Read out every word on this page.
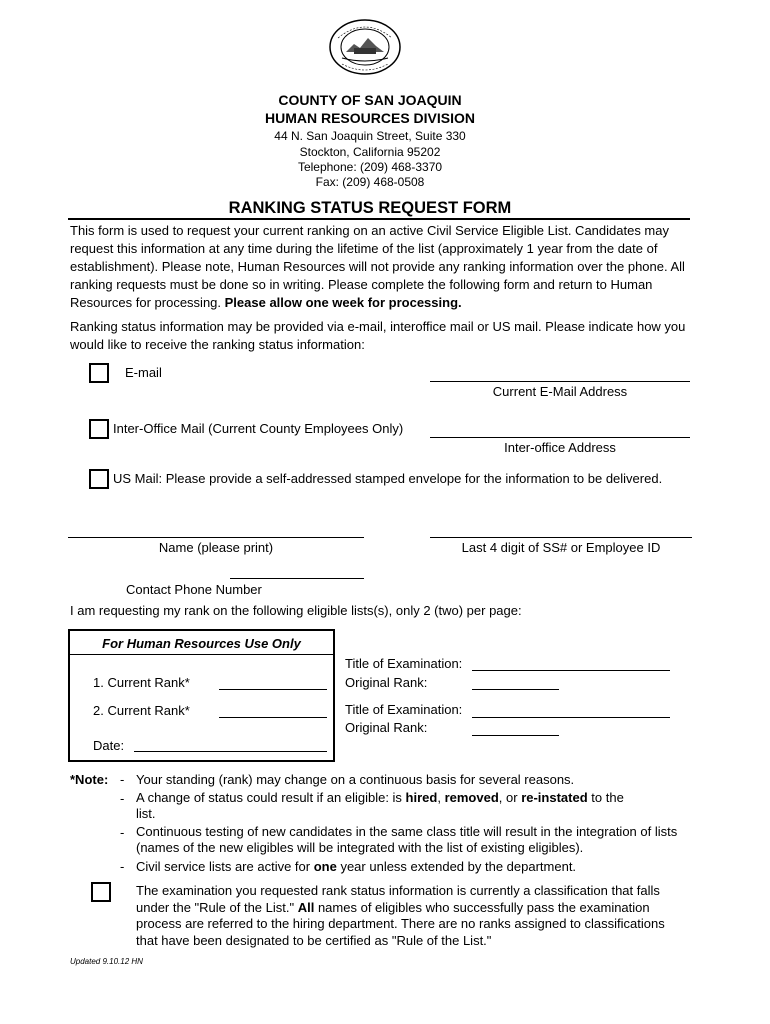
COUNTY OF SAN JOAQUIN
HUMAN RESOURCES DIVISION
44 N. San Joaquin Street, Suite 330
Stockton, California 95202
Telephone: (209) 468-3370
Fax: (209) 468-0508
RANKING STATUS REQUEST FORM
This form is used to request your current ranking on an active Civil Service Eligible List. Candidates may request this information at any time during the lifetime of the list (approximately 1 year from the date of establishment). Please note, Human Resources will not provide any ranking information over the phone. All ranking requests must be done so in writing. Please complete the following form and return to Human Resources for processing. Please allow one week for processing.
Ranking status information may be provided via e-mail, interoffice mail or US mail. Please indicate how you would like to receive the ranking status information:
E-mail
Current E-Mail Address
Inter-Office Mail (Current County Employees Only)
Inter-office Address
US Mail: Please provide a self-addressed stamped envelope for the information to be delivered.
Name (please print)	Last 4 digit of SS# or Employee ID
Contact Phone Number
I am requesting my rank on the following eligible lists(s), only 2 (two) per page:
For Human Resources Use Only
1. Current Rank*
2. Current Rank*
Date:
Title of Examination:
Original Rank:
Title of Examination:
Original Rank:
*Note: - Your standing (rank) may change on a continuous basis for several reasons.
- A change of status could result if an eligible: is hired, removed, or re-instated to the list.
- Continuous testing of new candidates in the same class title will result in the integration of lists (names of the new eligibles will be integrated with the list of existing eligibles).
- Civil service lists are active for one year unless extended by the department.
The examination you requested rank status information is currently a classification that falls under the "Rule of the List." All names of eligibles who successfully pass the examination process are referred to the hiring department. There are no ranks assigned to classifications that have been designated to be certified as "Rule of the List."
Updated 9.10.12 HN
